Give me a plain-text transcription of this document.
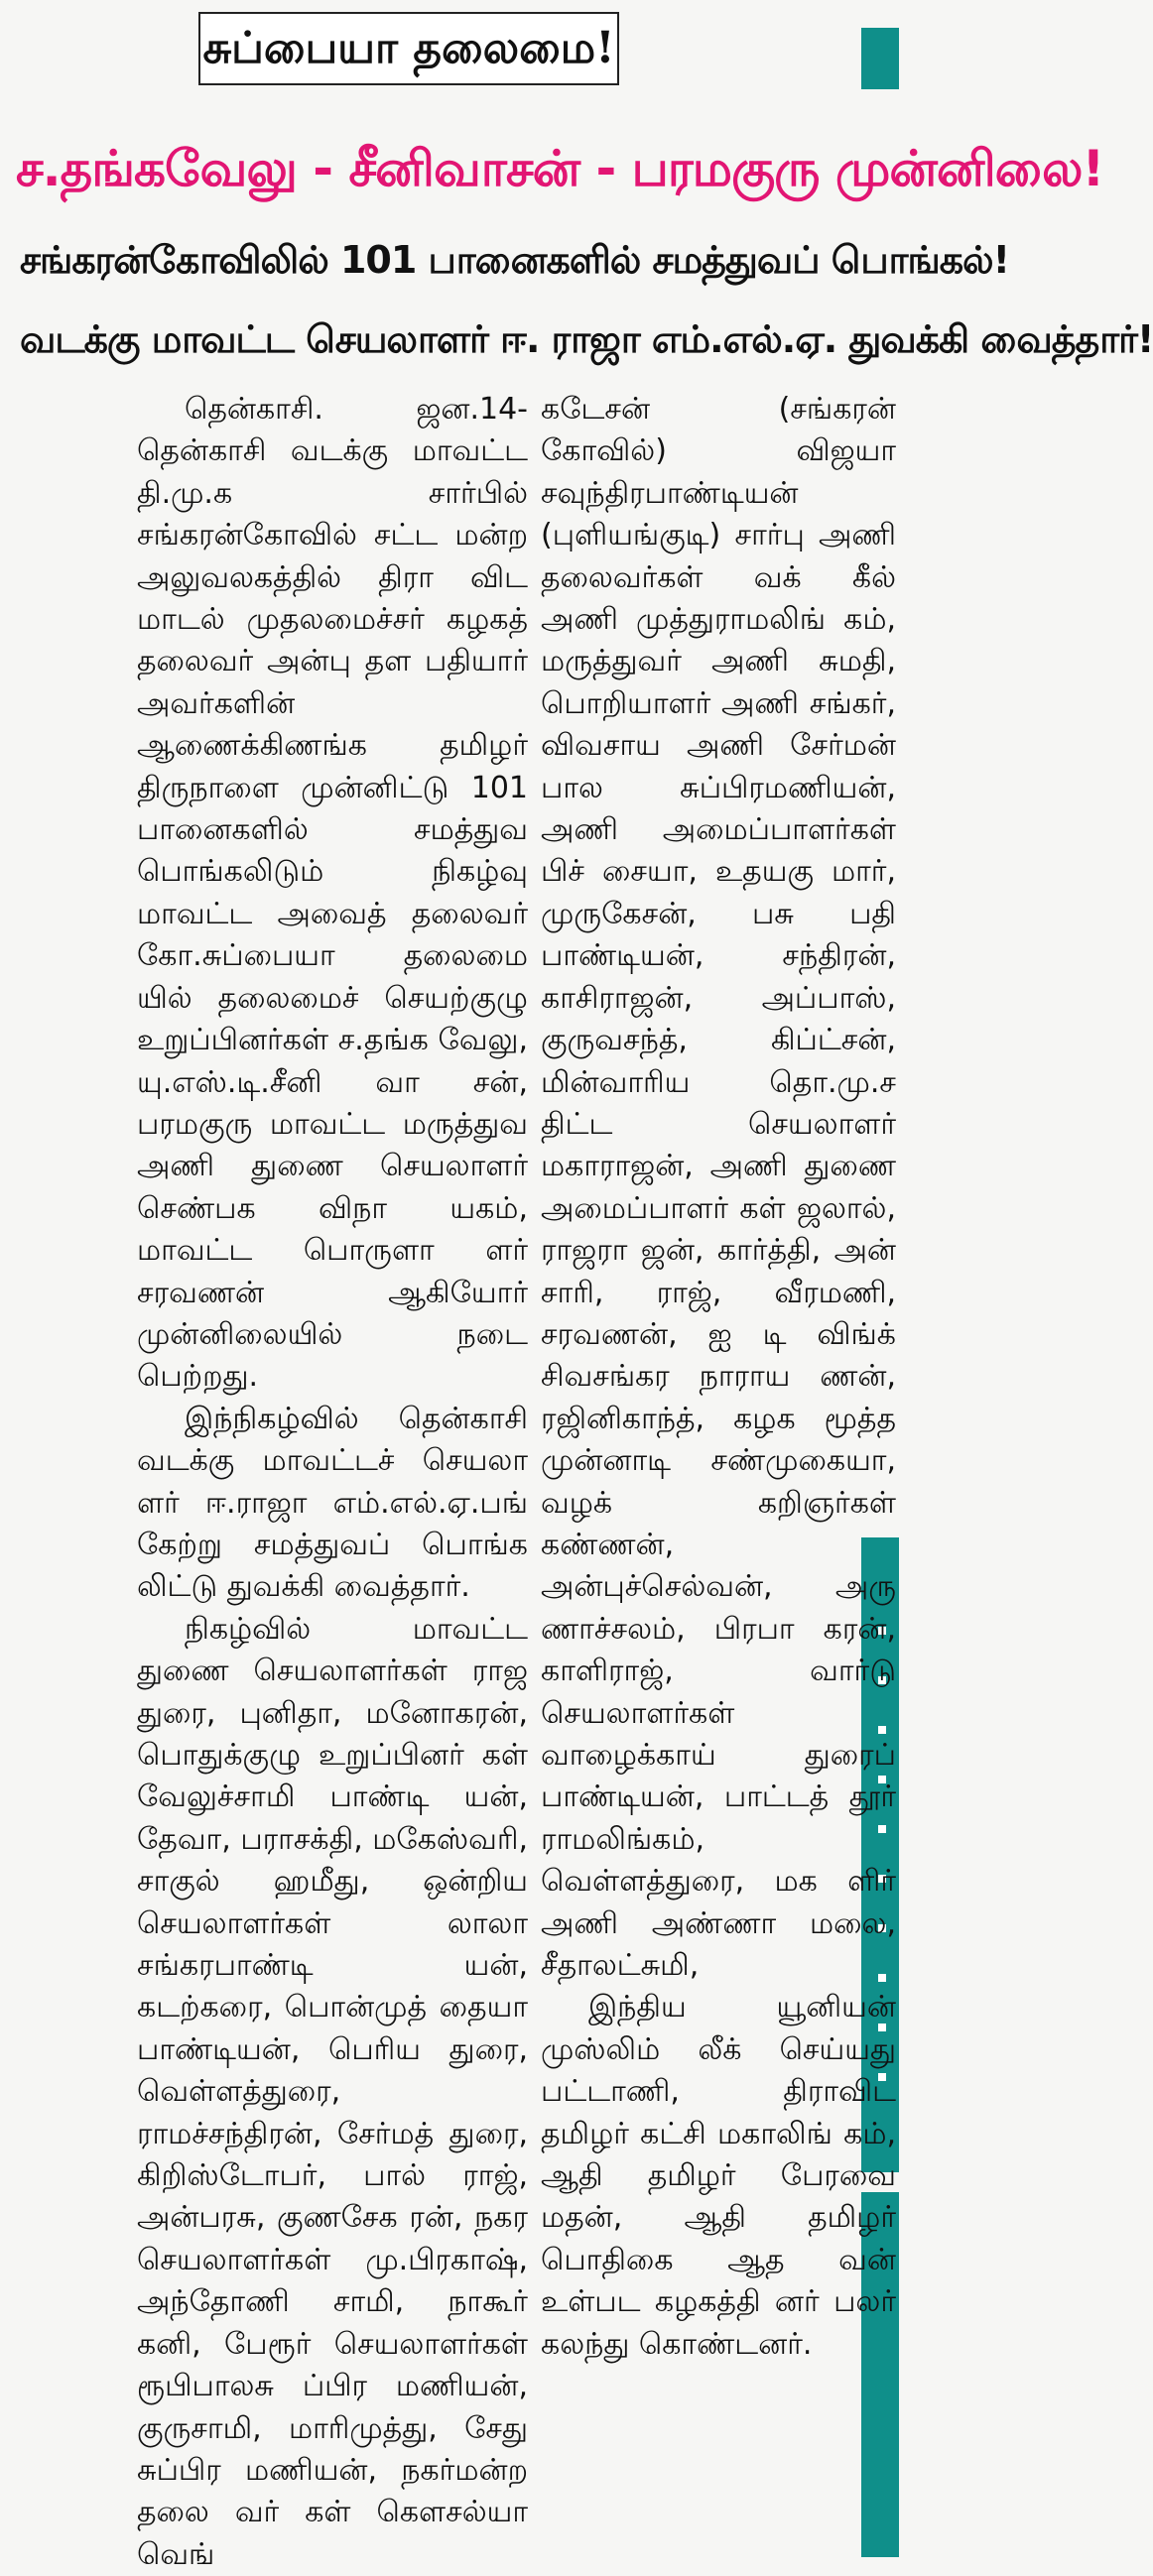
சுப்பையா தலைமை!
ச.தங்கவேலு - சீனிவாசன் - பரமகுரு முன்னிலை!
சங்கரன்கோவிலில் 101 பானைகளில் சமத்துவப் பொங்கல்!
வடக்கு மாவட்ட செயலாளர் ஈ. ராஜா எம்.எல்.ஏ. துவக்கி வைத்தார்!

தென்காசி. ஜன.14- தென்காசி வடக்கு மாவட்ட தி.மு.க சார்பில் சங்கரன்கோவில் சட்ட மன்ற அலுவலகத்தில் திரா விட மாடல் முதலமைச்சர் கழகத் தலைவர் அன்பு தள பதியார் அவர்களின் ஆணைக்கிணங்க தமிழர் திருநாளை முன்னிட்டு 101 பானைகளில் சமத்துவ பொங்கலிடும் நிகழ்வு மாவட்ட அவைத் தலைவர் கோ.சுப்பையா தலைமை யில் தலைமைச் செயற்குழு உறுப்பினர்கள் ச.தங்க வேலு, யு.எஸ்.டி.சீனி வா சன், பரமகுரு மாவட்ட மருத்துவ அணி துணை செயலாளர் செண்பக விநா யகம், மாவட்ட பொருளா ளர் சரவணன் ஆகியோர் முன்னிலையில் நடை பெற்றது.

இந்நிகழ்வில் தென்காசி வடக்கு மாவட்டச் செயலா ளர் ஈ.ராஜா எம்.எல்.ஏ.பங் கேற்று சமத்துவப் பொங்க லிட்டு துவக்கி வைத்தார்.

நிகழ்வில் மாவட்ட துணை செயலாளர்கள் ராஜ துரை, புனிதா, மனோகரன், பொதுக்குழு உறுப்பினர் கள் வேலுச்சாமி பாண்டி யன், தேவா, பராசக்தி, மகேஸ்வரி, சாகுல் ஹமீது, ஒன்றிய செயலாளர்கள் லாலா சங்கரபாண்டி யன், கடற்கரை, பொன்முத் தையா பாண்டியன், பெரிய துரை, வெள்ளத்துரை, ராமச்சந்திரன், சேர்மத் துரை, கிறிஸ்டோபர், பால் ராஜ், அன்பரசு, குணசேக ரன், நகர செயலாளர்கள் மு.பிரகாஷ், அந்தோணி சாமி, நாகூர் கனி, பேரூர் செயலாளர்கள் ரூபிபாலசு ப்பிர மணியன், குருசாமி, மாரிமுத்து, சேது சுப்பிர மணியன், நகர்மன்ற தலை வர் கள் கௌசல்யா வெங்

கடேசன் (சங்கரன் கோவில்) விஜயா சவுந்திரபாண்டியன் (புளியங்குடி) சார்பு அணி தலைவர்கள் வக் கீல் அணி முத்துராமலிங் கம், மருத்துவர் அணி சுமதி, பொறியாளர் அணி சங்கர், விவசாய அணி சேர்மன் பால சுப்பிரமணியன், அணி அமைப்பாளர்கள் பிச் சையா, உதயகு மார், முருகேசன், பசு பதி பாண்டியன், சந்திரன், காசிராஜன், அப்பாஸ், குருவசந்த், கிப்ட்சன், மின்வாரிய தொ.மு.ச திட்ட செயலாளர் மகாராஜன், அணி துணை அமைப்பாளர் கள் ஜலால், ராஜரா ஜன், கார்த்தி, அன் சாரி, ராஜ், வீரமணி, சரவணன், ஐ டி விங்க் சிவசங்கர நாராய ணன், ரஜினிகாந்த், கழக மூத்த முன்னாடி சண்முகையா, வழக் கறிஞர்கள் கண்ணன், அன்புச்செல்வன், அரு ணாச்சலம், பிரபா கரன், காளிராஜ், வார்டு செயலாளர்கள் வாழைக்காய் துரைப் பாண்டியன், பாட்டத் தூர் ராமலிங்கம், வெள்ளத்துரை, மக ளிர் அணி அண்ணா மலை, சீதாலட்சுமி,

இந்திய யூனியன் முஸ்லிம் லீக் செய்யது பட்டாணி, திராவிட தமிழர் கட்சி மகாலிங் கம், ஆதி தமிழர் பேரவை மதன், ஆதி தமிழர் பொதிகை ஆத வன் உள்பட கழகத்தி னர் பலர் கலந்து கொண்டனர்.
